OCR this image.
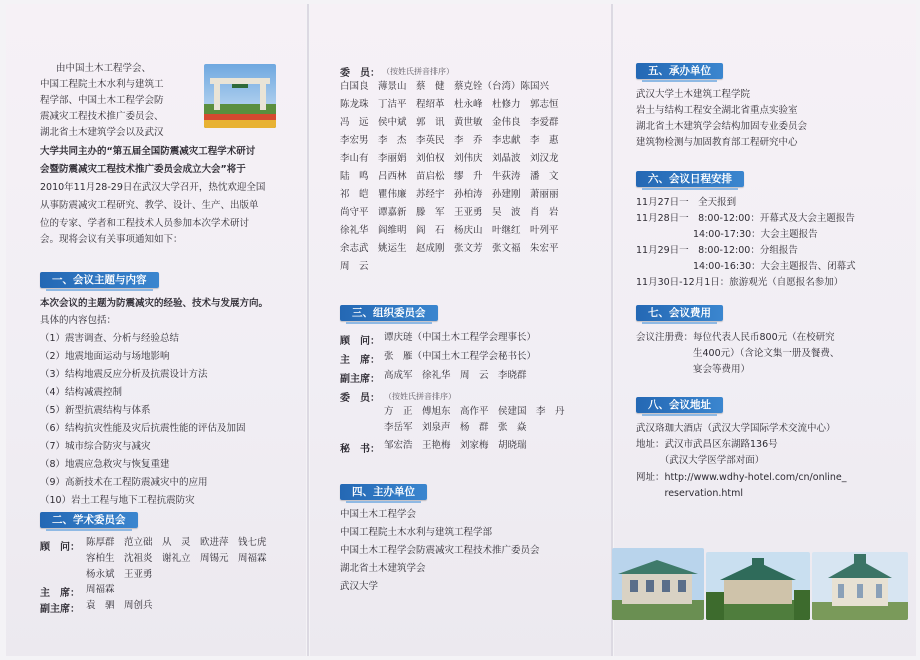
由中国土木工程学会、
中国工程院土木水利与建筑工
程学部、中国土木工程学会防
震减灾工程技术推广委员会、
湖北省土木建筑学会以及武汉
大学共同主办的“第五届全国防震减灾工程学术研讨
会暨防震减灾工程技术推广委员会成立大会”将于
2010年11月28-29日在武汉大学召开，热忱欢迎全国
从事防震减灾工程研究、教学、设计、生产、出版单
位的专家、学者和工程技术人员参加本次学术研讨
会。现将会议有关事项通知如下：
一、会议主题与内容
本次会议的主题为防震减灾的经验、技术与发展方向。
具体的内容包括：
（1）震害调查、分析与经验总结
（2）地震地面运动与场地影响
（3）结构地震反应分析及抗震设计方法
（4）结构减震控制
（5）新型抗震结构与体系
（6）结构抗灾性能及灾后抗震性能的评估及加固
（7）城市综合防灾与减灾
（8）地震应急救灾与恢复重建
（9）高新技术在工程防震减灾中的应用
（10）岩土工程与地下工程抗震防灾
二、学术委员会
顾　问： 陈厚群　范立础　从　灵　欧进萍　钱七虎
容柏生　沈祖炎　谢礼立　周锡元　周福霖
杨永斌　王亚勇
主　席： 周福霖
副主席： 袁　驷　周创兵
委　员： （按姓氏拼音排序）
白国良　薄景山　蔡　健　蔡克铨（台湾）陈国兴
陈龙珠　丁洁平　程绍革　杜永峰　杜修力　郭志恒
冯　远　侯中斌　郭　讯　黄世敏　金伟良　李爱群
李宏男　李　杰　李英民　李　乔　李忠献　李　惠
李山有　李丽娟　刘伯权　刘伟庆　刘晶波　刘汉龙
陆　鸣　吕西林　苗启松　缪　升　牛荻涛　潘　文
祁　皑　瞿伟廉　苏经宇　孙柏涛　孙建刚　萧丽丽
尚守平　谭嘉新　滕　军　王亚勇　吴　波　肖　岩
徐礼华　阎维明　阎　石　杨庆山　叶继红　叶列平
余志武　姚运生　赵成刚　张文芳　张文福　朱宏平
周　云
三、组织委员会
顾　问： 谭庆琏（中国土木工程学会理事长）
主　席： 张　雁（中国土木工程学会秘书长）
副主席： 高成军　徐礼华　周　云　李晓群
委　员： （按姓氏拼音排序）
方　正　傅旭东　高作平　侯建国　李　丹
李岳军　刘泉声　杨　群　张　焱
秘　书： 邹宏浩　王艳梅　刘家梅　胡晓瑞
四、主办单位
中国土木工程学会
中国工程院土木水利与建筑工程学部
中国土木工程学会防震减灾工程技术推广委员会
湖北省土木建筑学会
武汉大学
五、承办单位
武汉大学土木建筑工程学院
岩土与结构工程安全湖北省重点实验室
湖北省土木建筑学会结构加固专业委员会
建筑物检测与加固教育部工程研究中心
六、会议日程安排
11月27日一　全天报到
11月28日一　8:00-12:00：开幕式及大会主题报告
　　　　　　14:00-17:30：大会主题报告
11月29日一　8:00-12:00：分组报告
　　　　　　14:00-16:30：大会主题报告、闭幕式
11月30日-12月1日：旅游观光（自愿报名参加）
七、会议费用
会议注册费：每位代表人民币800元（在校研究
　　　　　　生400元）（含论文集一册及餐费、
　　　　　　宴会等费用）
八、会议地址
武汉珞珈大酒店（武汉大学国际学术交流中心）
地址：武汉市武昌区东湖路136号
　　　（武汉大学医学部对面）
网址：http://www.wdhy-hotel.com/cn/online_
　　　reservation.html
